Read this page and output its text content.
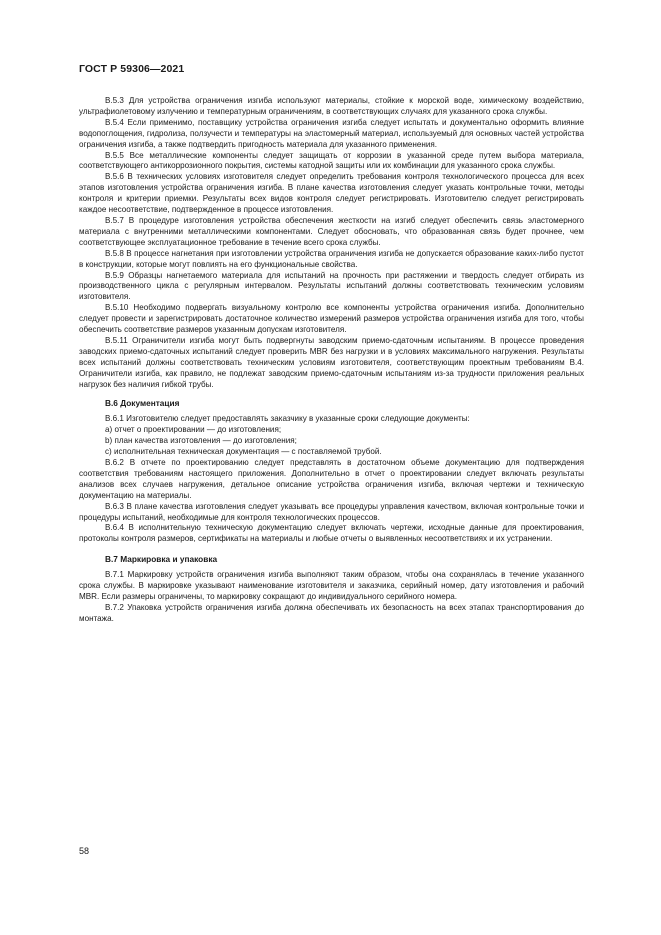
ГОСТ Р 59306—2021

В.5.3 Для устройства ограничения изгиба используют материалы, стойкие к морской воде, химическому воздействию, ультрафиолетовому излучению и температурным ограничениям, в соответствующих случаях для указанного срока службы.

В.5.4 Если применимо, поставщику устройства ограничения изгиба следует испытать и документально оформить влияние водопоглощения, гидролиза, ползучести и температуры на эластомерный материал, используемый для основных частей устройства ограничения изгиба, а также подтвердить пригодность материала для указанного применения.

В.5.5 Все металлические компоненты следует защищать от коррозии в указанной среде путем выбора материала, соответствующего антикоррозионного покрытия, системы катодной защиты или их комбинации для указанного срока службы.

В.5.6 В технических условиях изготовителя следует определить требования контроля технологического процесса для всех этапов изготовления устройства ограничения изгиба. В плане качества изготовления следует указать контрольные точки, методы контроля и критерии приемки. Результаты всех видов контроля следует регистрировать. Изготовителю следует регистрировать каждое несоответствие, подтвержденное в процессе изготовления.

В.5.7 В процедуре изготовления устройства обеспечения жесткости на изгиб следует обеспечить связь эластомерного материала с внутренними металлическими компонентами. Следует обосновать, что образованная связь будет прочнее, чем соответствующее эксплуатационное требование в течение всего срока службы.

В.5.8 В процессе нагнетания при изготовлении устройства ограничения изгиба не допускается образование каких-либо пустот в конструкции, которые могут повлиять на его функциональные свойства.

В.5.9 Образцы нагнетаемого материала для испытаний на прочность при растяжении и твердость следует отбирать из производственного цикла с регулярным интервалом. Результаты испытаний должны соответствовать техническим условиям изготовителя.

В.5.10 Необходимо подвергать визуальному контролю все компоненты устройства ограничения изгиба. Дополнительно следует провести и зарегистрировать достаточное количество измерений размеров устройства ограничения изгиба для того, чтобы обеспечить соответствие размеров указанным допускам изготовителя.

В.5.11 Ограничители изгиба могут быть подвергнуты заводским приемо-сдаточным испытаниям. В процессе проведения заводских приемо-сдаточных испытаний следует проверить MBR без нагрузки и в условиях максимального нагружения. Результаты всех испытаний должны соответствовать техническим условиям изготовителя, соответствующим проектным требованиям В.4. Ограничители изгиба, как правило, не подлежат заводским приемо-сдаточным испытаниям из-за трудности приложения реальных нагрузок без наличия гибкой трубы.

В.6 Документация

В.6.1 Изготовителю следует предоставлять заказчику в указанные сроки следующие документы:

a) отчет о проектировании — до изготовления;

b) план качества изготовления — до изготовления;

c) исполнительная техническая документация — с поставляемой трубой.

В.6.2 В отчете по проектированию следует представлять в достаточном объеме документацию для подтверждения соответствия требованиям настоящего приложения. Дополнительно в отчет о проектировании следует включать результаты анализов всех случаев нагружения, детальное описание устройства ограничения изгиба, включая чертежи и техническую документацию на материалы.

В.6.3 В плане качества изготовления следует указывать все процедуры управления качеством, включая контрольные точки и процедуры испытаний, необходимые для контроля технологических процессов.

В.6.4 В исполнительную техническую документацию следует включать чертежи, исходные данные для проектирования, протоколы контроля размеров, сертификаты на материалы и любые отчеты о выявленных несоответствиях и их устранении.

В.7 Маркировка и упаковка

В.7.1 Маркировку устройств ограничения изгиба выполняют таким образом, чтобы она сохранялась в течение указанного срока службы. В маркировке указывают наименование изготовителя и заказчика, серийный номер, дату изготовления и рабочий MBR. Если размеры ограничены, то маркировку сокращают до индивидуального серийного номера.

В.7.2 Упаковка устройств ограничения изгиба должна обеспечивать их безопасность на всех этапах транспортирования до монтажа.

58
